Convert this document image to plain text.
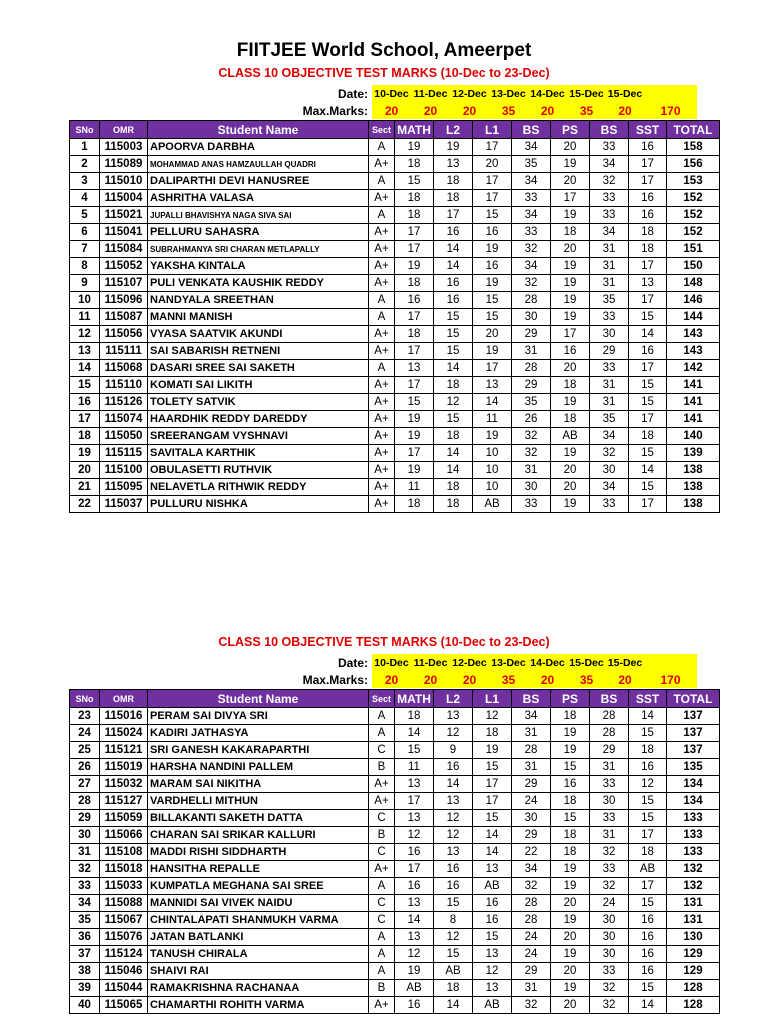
FIITJEE World School, Ameerpet
CLASS 10 OBJECTIVE TEST MARKS (10-Dec to 23-Dec)
Date:	10-Dec	11-Dec	12-Dec	13-Dec	14-Dec	15-Dec	15-Dec	
Max.Marks:	20	20	20	35	20	35	20	170
SNo	OMR	Student Name	Sect	MATH	L2	L1	BS	PS	BS	SST	TOTAL
1	115003	APOORVA DARBHA	A	19	19	17	34	20	33	16	158
2	115089	MOHAMMAD ANAS HAMZAULLAH QUADRI	A+	18	13	20	35	19	34	17	156
3	115010	DALIPARTHI DEVI HANUSREE	A	15	18	17	34	20	32	17	153
4	115004	ASHRITHA VALASA	A+	18	18	17	33	17	33	16	152
5	115021	JUPALLI BHAVISHYA NAGA SIVA SAI	A	18	17	15	34	19	33	16	152
6	115041	PELLURU SAHASRA	A+	17	16	16	33	18	34	18	152
7	115084	SUBRAHMANYA SRI CHARAN METLAPALLY	A+	17	14	19	32	20	31	18	151
8	115052	YAKSHA KINTALA	A+	19	14	16	34	19	31	17	150
9	115107	PULI VENKATA KAUSHIK REDDY	A+	18	16	19	32	19	31	13	148
10	115096	NANDYALA SREETHAN	A	16	16	15	28	19	35	17	146
11	115087	MANNI MANISH	A	17	15	15	30	19	33	15	144
12	115056	VYASA SAATVIK AKUNDI	A+	18	15	20	29	17	30	14	143
13	115111	SAI SABARISH RETNENI	A+	17	15	19	31	16	29	16	143
14	115068	DASARI SREE SAI SAKETH	A	13	14	17	28	20	33	17	142
15	115110	KOMATI SAI LIKITH	A+	17	18	13	29	18	31	15	141
16	115126	TOLETY SATVIK	A+	15	12	14	35	19	31	15	141
17	115074	HAARDHIK REDDY DAREDDY	A+	19	15	11	26	18	35	17	141
18	115050	SREERANGAM VYSHNAVI	A+	19	18	19	32	AB	34	18	140
19	115115	SAVITALA KARTHIK	A+	17	14	10	32	19	32	15	139
20	115100	OBULASETTI RUTHVIK	A+	19	14	10	31	20	30	14	138
21	115095	NELAVETLA RITHWIK REDDY	A+	11	18	10	30	20	34	15	138
22	115037	PULLURU NISHKA	A+	18	18	AB	33	19	33	17	138
CLASS 10 OBJECTIVE TEST MARKS (10-Dec to 23-Dec)
Date:	10-Dec	11-Dec	12-Dec	13-Dec	14-Dec	15-Dec	15-Dec	
Max.Marks:	20	20	20	35	20	35	20	170
SNo	OMR	Student Name	Sect	MATH	L2	L1	BS	PS	BS	SST	TOTAL
23	115016	PERAM SAI DIVYA SRI	A	18	13	12	34	18	28	14	137
24	115024	KADIRI JATHASYA	A	14	12	18	31	19	28	15	137
25	115121	SRI GANESH KAKARAPARTHI	C	15	9	19	28	19	29	18	137
26	115019	HARSHA NANDINI PALLEM	B	11	16	15	31	15	31	16	135
27	115032	MARAM SAI NIKITHA	A+	13	14	17	29	16	33	12	134
28	115127	VARDHELLI MITHUN	A+	17	13	17	24	18	30	15	134
29	115059	BILLAKANTI SAKETH DATTA	C	13	12	15	30	15	33	15	133
30	115066	CHARAN SAI SRIKAR KALLURI	B	12	12	14	29	18	31	17	133
31	115108	MADDI RISHI SIDDHARTH	C	16	13	14	22	18	32	18	133
32	115018	HANSITHA REPALLE	A+	17	16	13	34	19	33	AB	132
33	115033	KUMPATLA MEGHANA SAI SREE	A	16	16	AB	32	19	32	17	132
34	115088	MANNIDI SAI VIVEK NAIDU	C	13	15	16	28	20	24	15	131
35	115067	CHINTALAPATI SHANMUKH VARMA	C	14	8	16	28	19	30	16	131
36	115076	JATAN BATLANKI	A	13	12	15	24	20	30	16	130
37	115124	TANUSH CHIRALA	A	12	15	13	24	19	30	16	129
38	115046	SHAIVI RAI	A	19	AB	12	29	20	33	16	129
39	115044	RAMAKRISHNA RACHANAA	B	AB	18	13	31	19	32	15	128
40	115065	CHAMARTHI ROHITH VARMA	A+	16	14	AB	32	20	32	14	128
